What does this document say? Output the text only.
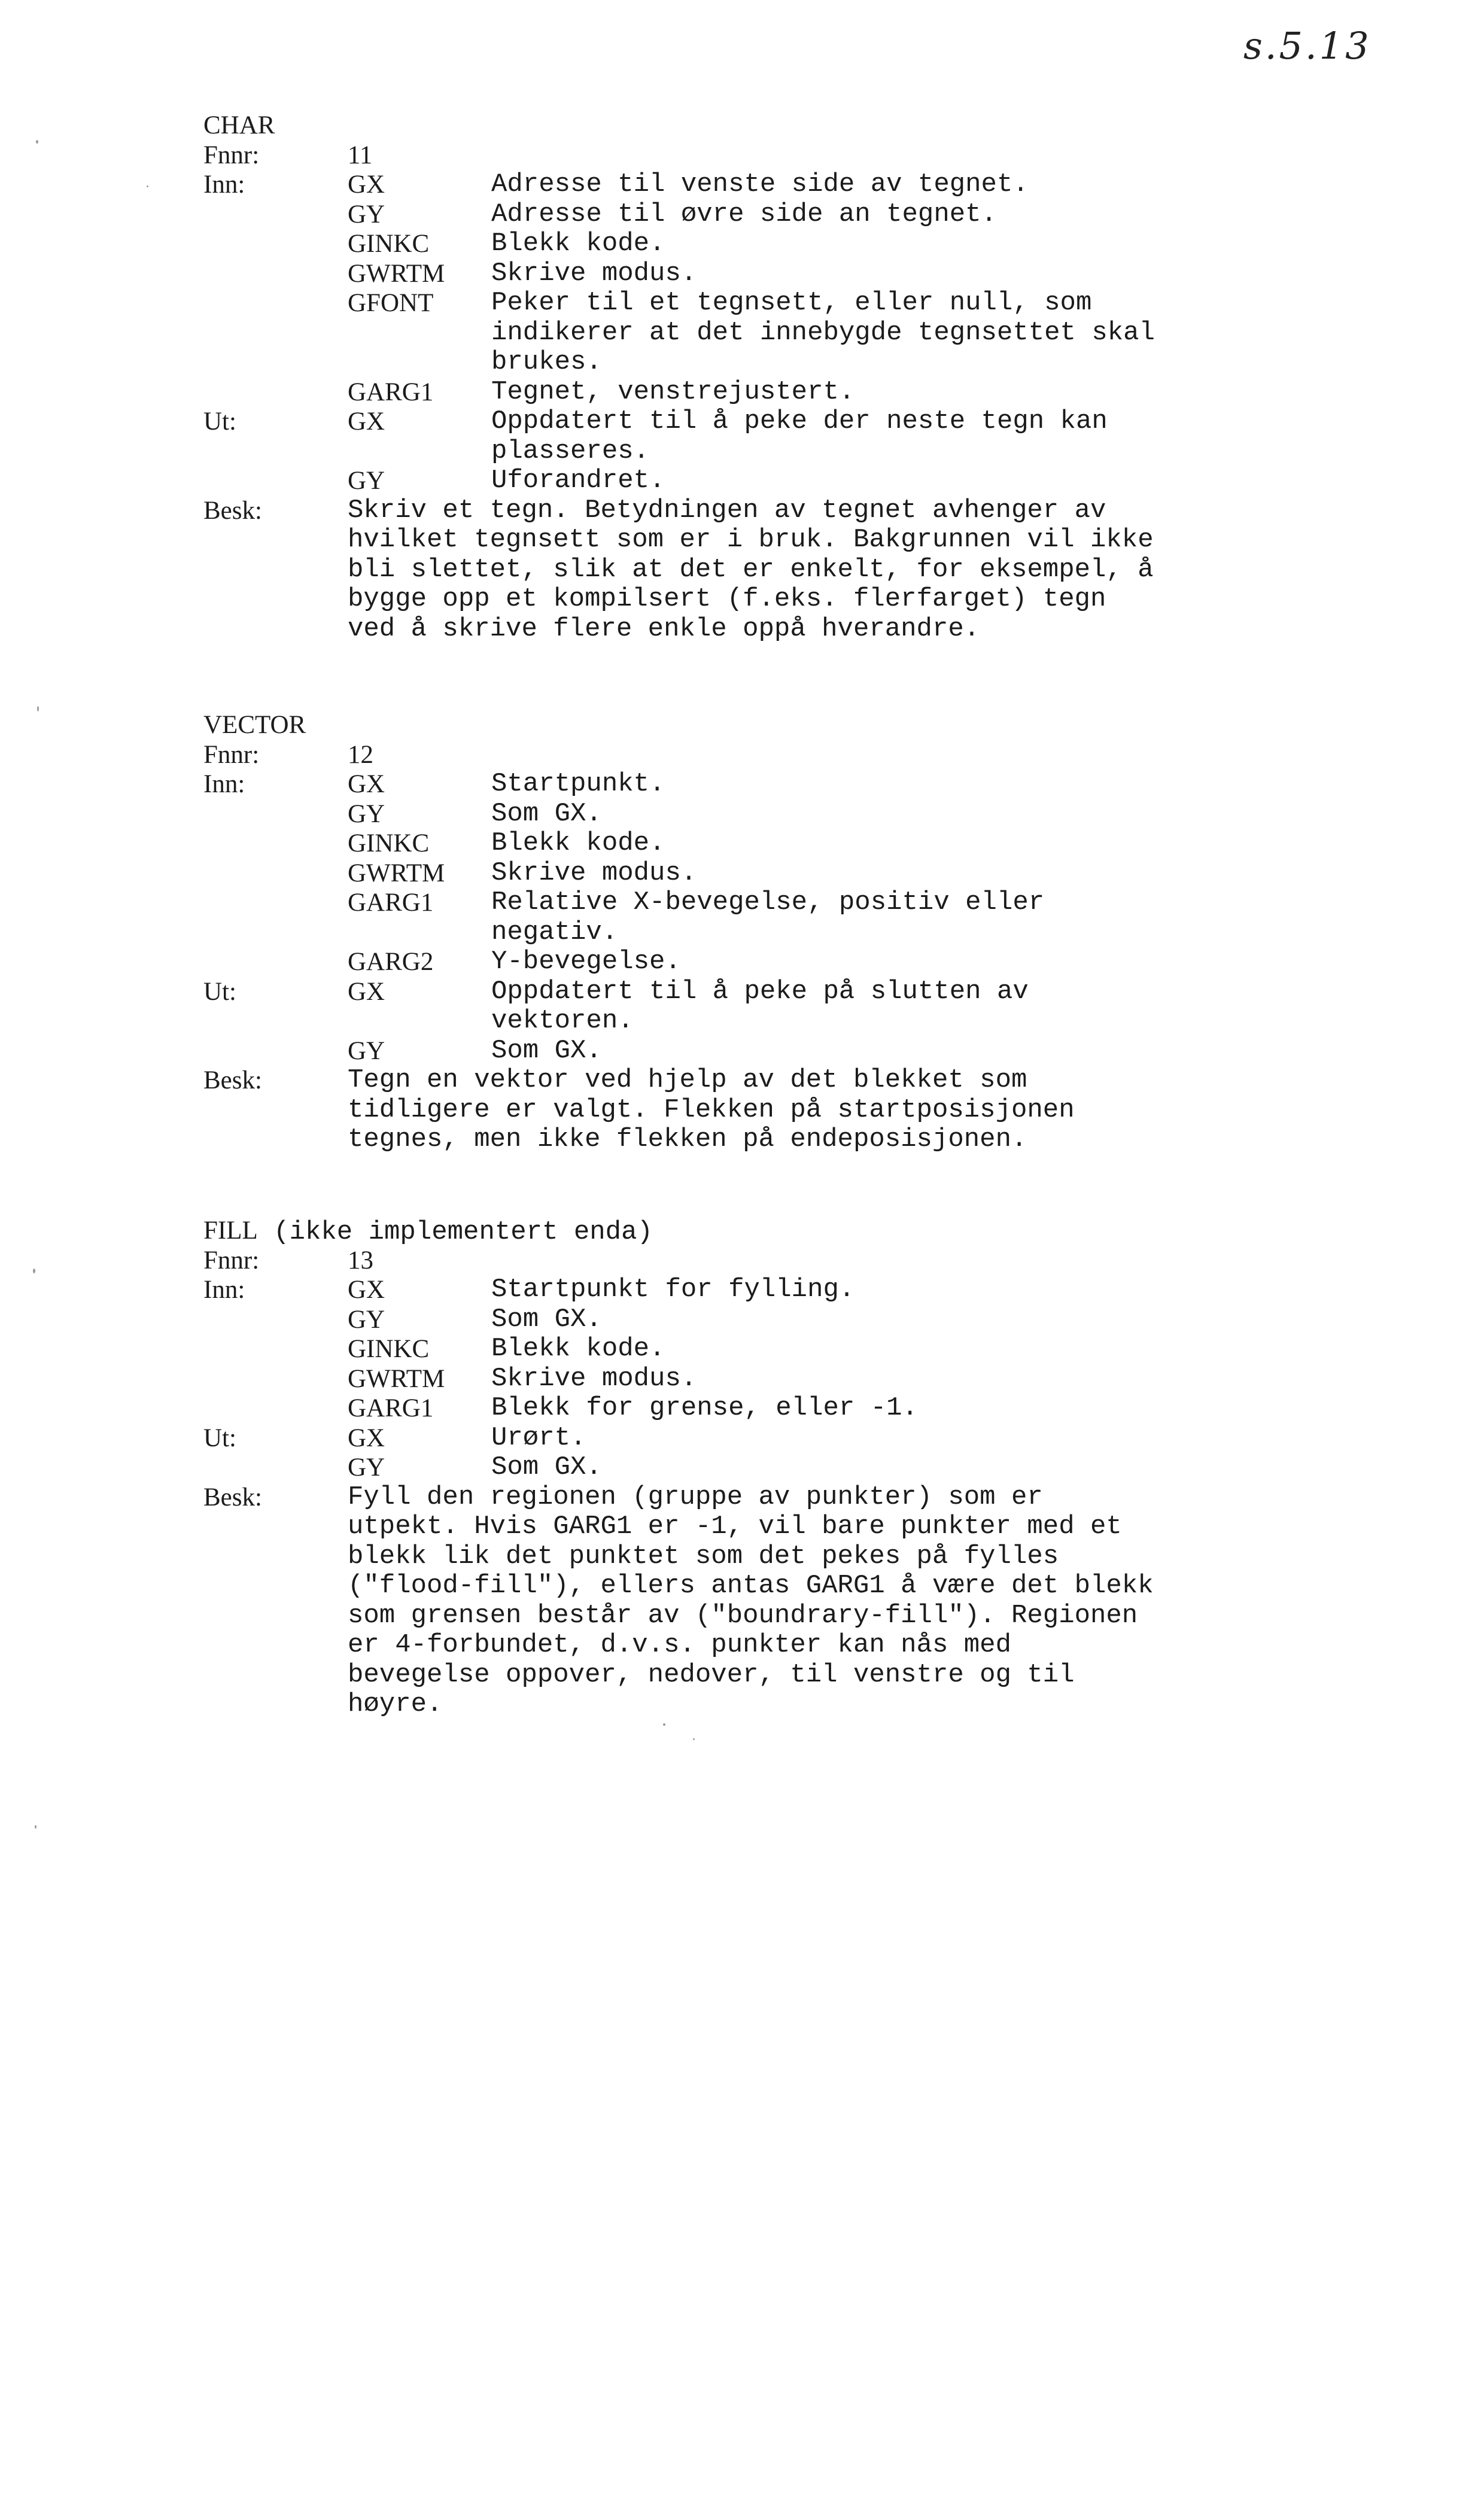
s.5.13
CHAR
Fnnr:	11
Inn:	GX	Adresse til venste side av tegnet.
GY	Adresse til øvre side an tegnet.
GINKC Blekk kode.
GWRTM Skrive modus.
GFONT Peker til et tegnsett, eller null, som
indikerer at det innebygde tegnsettet skal
brukes.
GARG1 Tegnet, venstrejustert.
Ut:	GX	Oppdatert til å peke der neste tegn kan
plasseres.
GY	Uforandret.
Besk:	Skriv et tegn. Betydningen av tegnet avhenger av
hvilket tegnsett som er i bruk. Bakgrunnen vil ikke
bli slettet, slik at det er enkelt, for eksempel, å
bygge opp et kompilsert (f.eks. flerfarget) tegn
ved å skrive flere enkle oppå hverandre.
VECTOR
Fnnr:	12
Inn:	GX	Startpunkt.
GY	Som GX.
GINKC Blekk kode.
GWRTM Skrive modus.
GARG1 Relative X-bevegelse, positiv eller
negativ.
GARG2 Y-bevegelse.
Ut:	GX	Oppdatert til å peke på slutten av
vektoren.
GY	Som GX.
Besk:	Tegn en vektor ved hjelp av det blekket som
tidligere er valgt. Flekken på startposisjonen
tegnes, men ikke flekken på endeposisjonen.
FILL (ikke implementert enda)
Fnnr:	13
Inn:	GX	Startpunkt for fylling.
GY	Som GX.
GINKC Blekk kode.
GWRTM Skrive modus.
GARG1 Blekk for grense, eller -1.
Ut:	GX	Urørt.
GY	Som GX.
Besk:	Fyll den regionen (gruppe av punkter) som er
utpekt. Hvis GARG1 er -1, vil bare punkter med et
blekk lik det punktet som det pekes på fylles
("flood-fill"), ellers antas GARG1 å være det blekk
som grensen består av ("boundrary-fill"). Regionen
er 4-forbundet, d.v.s. punkter kan nås med
bevegelse oppover, nedover, til venstre og til
høyre.
